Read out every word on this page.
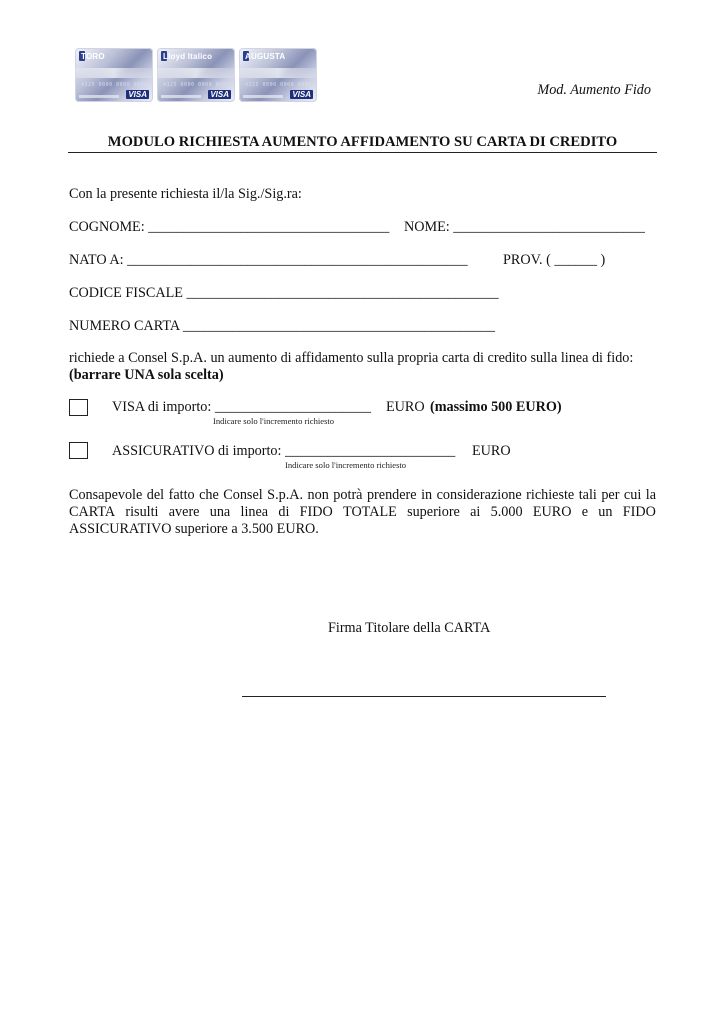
TORO
4325 0000 0000 0000
VISA
Lloyd Italico
4325 0000 0000 0000
VISA
AUGUSTA
4325 0000 0000 0000
VISA	Mod. Aumento Fido
MODULO RICHIESTA AUMENTO AFFIDAMENTO SU CARTA DI CREDITO
Con la presente richiesta il/la Sig./Sig.ra:
COGNOME: __________________________________ NOME: ___________________________
NATO A: ________________________________________________ PROV. ( ______ )
CODICE FISCALE ____________________________________________
NUMERO CARTA ____________________________________________
richiede a Consel S.p.A. un aumento di affidamento sulla propria carta di credito sulla linea di fido:
(barrare UNA sola scelta)
VISA di importo: ______________________ EURO (massimo 500 EURO)
Indicare solo l'incremento richiesto
ASSICURATIVO di importo: ________________________ EURO
Indicare solo l'incremento richiesto
Consapevole del fatto che Consel S.p.A. non potrà prendere in considerazione richieste tali per cui la
CARTA risulti avere una linea di FIDO TOTALE superiore ai 5.000 EURO e un FIDO
ASSICURATIVO superiore a 3.500 EURO.
Firma Titolare della CARTA
